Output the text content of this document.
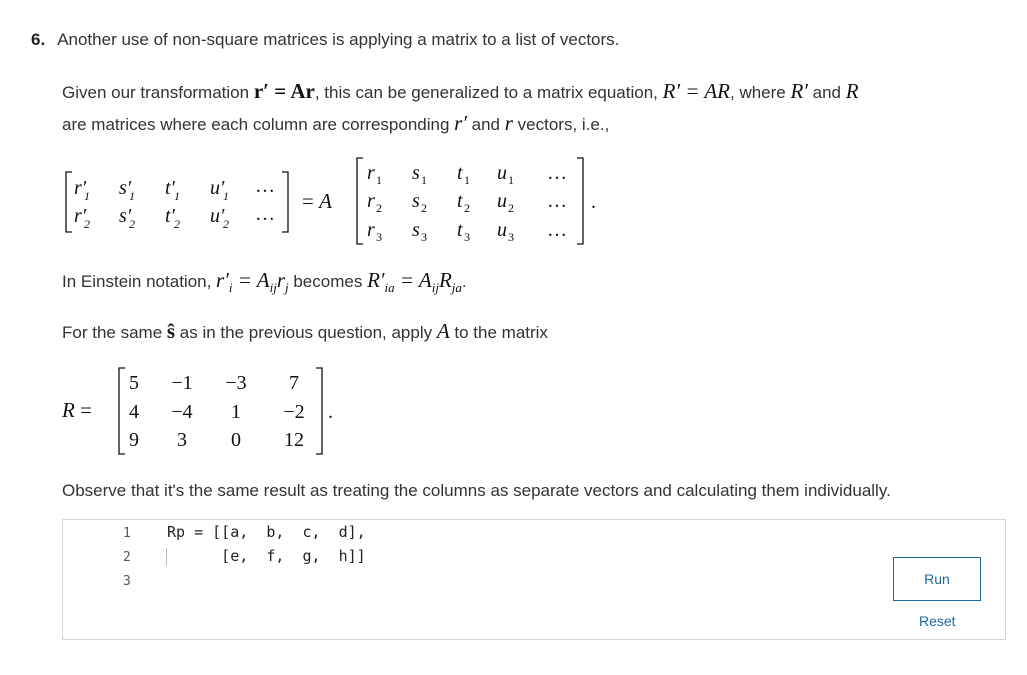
6. Another use of non-square matrices is applying a matrix to a list of vectors.
Given our transformation r′ = Ar, this can be generalized to a matrix equation, R′ = AR, where R′ and R
are matrices where each column are corresponding r′ and r vectors, i.e.,
r′
1 s′
1 t′ 1 u′
1 …
r′
2 s′
2 t′ 2 u′
2 …
= A
r 1 s 1 t 1 u 1 …
r 2 s 2 t 2 u 2 …
r 3 s 3 t 3 u 3 …
.
In Einstein notation, $r'_i = A_{ij}r_j$ becomes $R'_{ia} = A_{ij}R_{ja}$.
For the same ŝ as in the previous question, apply A to the matrix
R =
5 −1 −3 7
4 −4 1 −2
9 3 0 12
.
Observe that it's the same result as treating the columns as separate vectors and calculating them individually.
1
2
3
Rp = [[a,  b,  c,  d],
[e,  f,  g,  h]]
Run
Reset
